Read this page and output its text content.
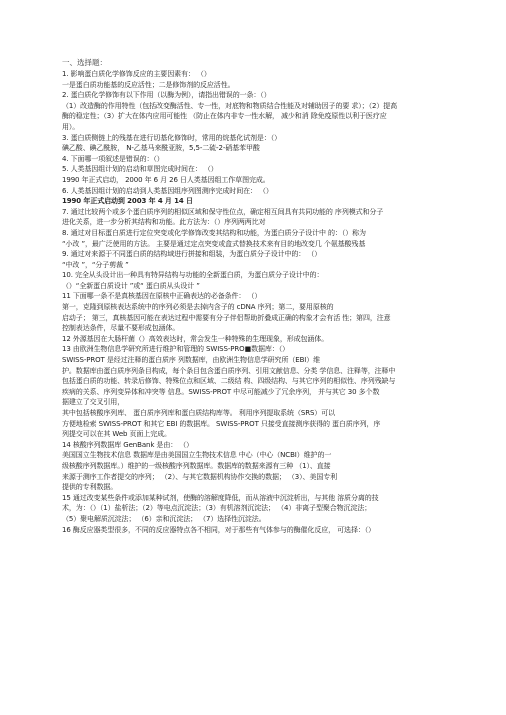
一、选择题：
1. 影响蛋白质化学修饰反应的主要因素有： （）
一是蛋白质功能基的反应活性；二是修饰剂的反应活性。
2. 蛋白质化学修饰有以下作用（以酶为例），请指出错误的一条：（）
（1）改造酶的作用特性（包括改变酶活性、专一性，对底物和物质结合性能及对辅助因子的要 求）；（2）提高
酶的稳定性；（3）扩大在体内应用可能性 （防止在体内非专一性水解， 减少和消 除免疫原性以利于医疗应
用）。
3. 蛋白质侧链上的残基在进行切基化修饰时，常用的烷基化试剂是：（）
碘乙酸、碘乙酰胺， N-乙基马来酰亚胺，5,5-二硫-2-硝基苯甲酸
4. 下面哪一项叙述是错误的：（）
5. 人类基因组计划的启动和草图完成时间在： （）
1990 年正式启动， 2000 年 6 月 26 日人类基因组工作草图完成。
6. 人类基因组计划的启动到人类基因组序列图测序完成时间在： （）
1990 年正式启动到 2003 年 4 月 14 日
7. 通过比较两个或多个蛋白质序列的相似区域和保守性位点，确定相互间具有共同功能的 序列模式和分子
进化关系，进一步分析其结构和功能。此方法为：（）序列两两比对
8. 通过对目标蛋白质进行定位突变或化学修饰改变其结构和功能，为蛋白质分子设计中 的：（）称为
“小改 ”，最广泛使用的方法。 主要是通过定点突变或盒式替换技术来有目的地改变几 个氨基酸残基
9. 通过对来源于不同蛋白质的结构域进行拼接和组装，为蛋白质分子设计中的： （）
“中改 ”，“分子剪裁 ”
10. 完全从头设计出一种具有特异结构与功能的全新蛋白质，为蛋白质分子设计中的：
（）“全新蛋白质设计 ”或“ 蛋白质从头设计 ”
11 下面哪一条不是真核基因在原核中正确表达的必备条件： （）
第一，克隆到原核表达系统中的序列必须是去掉内含子的 cDNA 序列；第二，要用原核的
启动子； 第三，真核基因可能在表达过程中需要有分子伴侣帮助折叠成正确的构象才会有活 性；第四，注意
控制表达条件，尽量不要形成包涵体。
12 外源基因在大肠杆菌（）高效表达时，常会发生一种特殊的生理现象，形成包涵体。
13 由欧洲生物信息学研究所进行维护和管理的 SWISS-PRO■数据库：（）
SWISS-PROT 是经过注释的蛋白质序 列数据库，由欧洲生物信息学研究所（EBI）维
护。数据库由蛋白质序列条目构成，每个条目包含蛋白质序列、引用文献信息、分类 学信息、注释等，注释中
包括蛋白质的功能、转录后修饰、特殊位点和区域、二级结 构、四级结构、与其它序列的相似性、序列残缺与
疾病的关系、序列变异体和冲突等 信息。SWISS-PROT 中尽可能减少了冗余序列， 并与其它 30 多个数
据建立了交叉引用，
其中包括核酸序列库、 蛋白质序列库和蛋白质结构库等。 利用序列提取系统（SRS）可以
方便地检索 SWISS-PROT 和其它 EBI 的数据库。 SWISS-PROT 只接受直接测序获得的 蛋白质序列，序
列提交可以在其 Web 页面上完成。
14 核酸序列数据库 GenBank 是由： （）
美国国立生物技术信息 数据库是由美国国立生物技术信息 中心（中心（NCBI）维护的一
级核酸序列数据库。）维护的一级核酸序列数据库。数据库的数据来源有三种 （1）、直接
来源于测序工作者提交的序列； （2）、与其它数据机构协作交换的数据； （3）、美国专利
提供的专利数据。
15 通过改变某些条件或添加某种试剂，使酶的溶解度降低，而从溶液中沉淀析出，与其他 溶质分离的技
术，为：（）（1）盐析法；（2）等电点沉淀法；（3）有机溶剂沉淀法； （4）非离子型聚合物沉淀法；
（5）聚电解质沉淀法； （6）亲和沉淀法； （7）选择性沉淀法。
16 酶反应器类型很多，不同的反应器特点各不相同，对于那些有气体参与的酶催化反应， 可选择：（）
